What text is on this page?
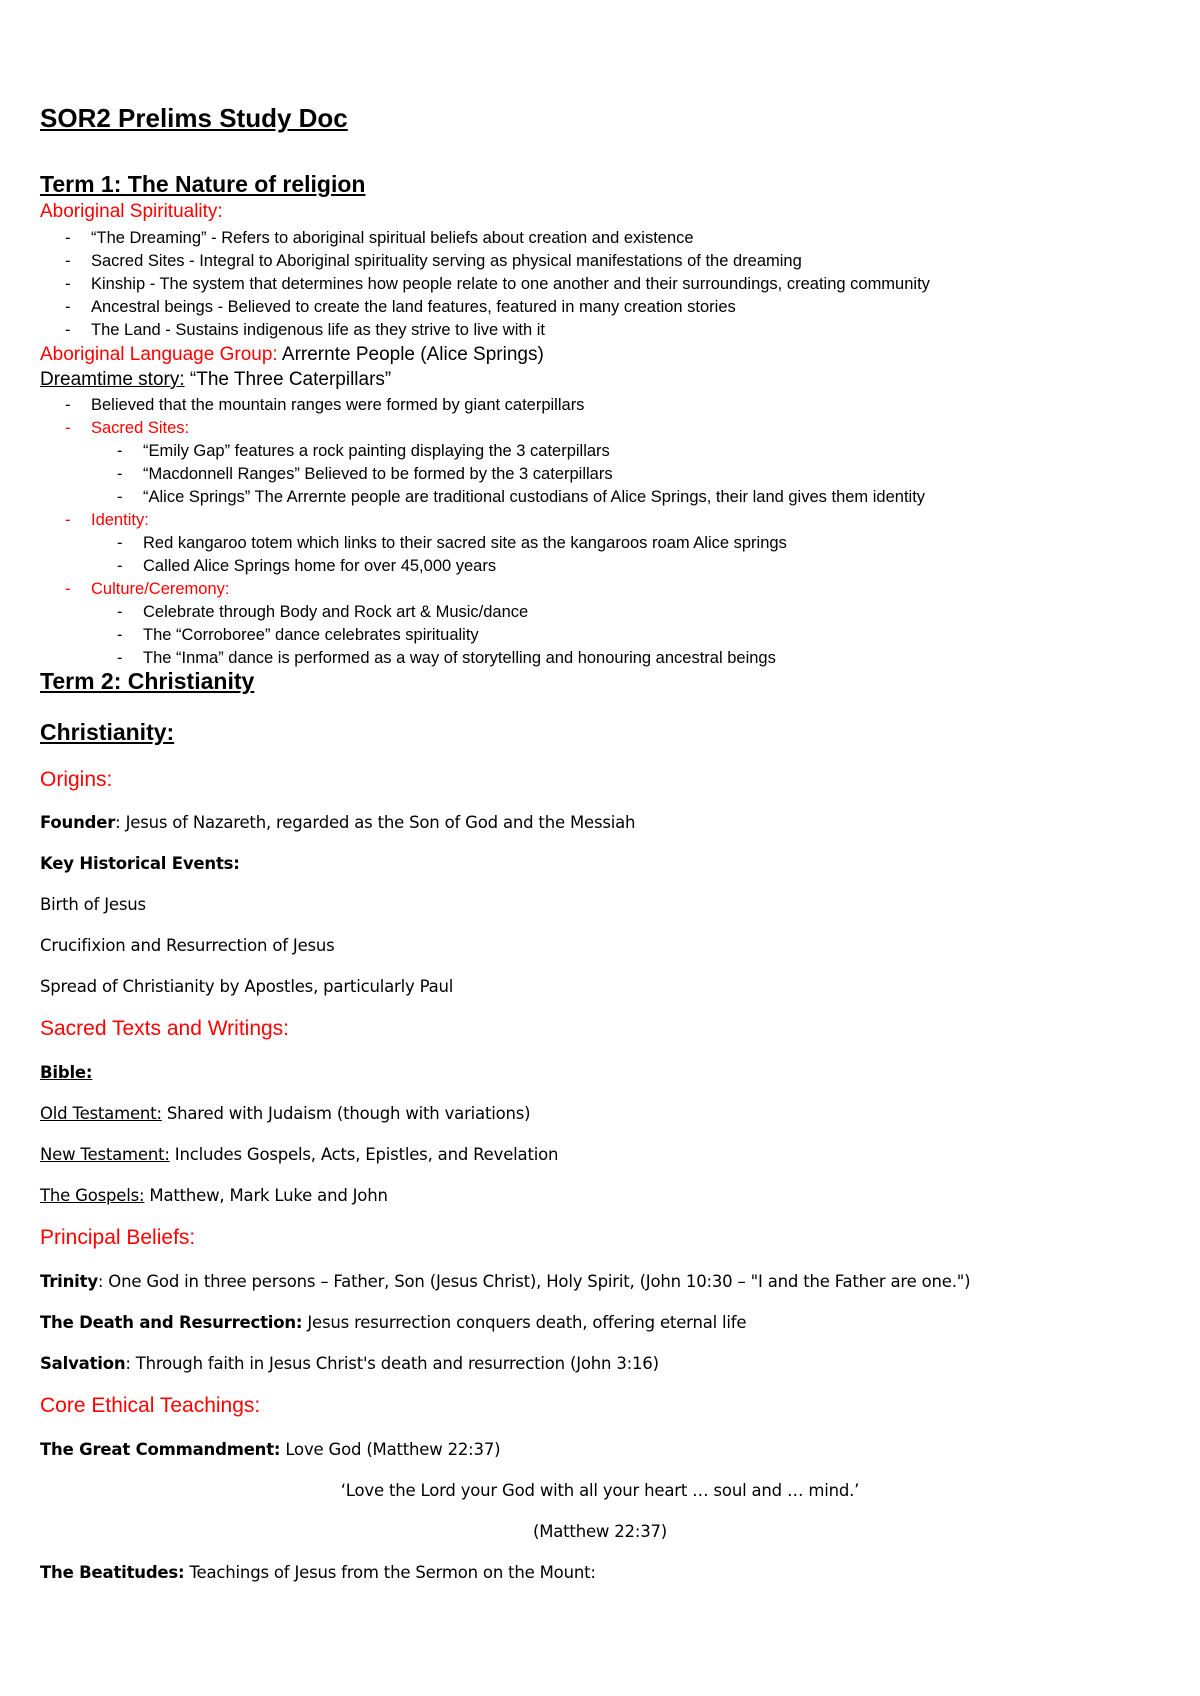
SOR2 Prelims Study Doc
Term 1: The Nature of religion
Aboriginal Spirituality:
- “The Dreaming” - Refers to aboriginal spiritual beliefs about creation and existence
- Sacred Sites - Integral to Aboriginal spirituality serving as physical manifestations of the dreaming
- Kinship - The system that determines how people relate to one another and their surroundings, creating community
- Ancestral beings - Believed to create the land features, featured in many creation stories
- The Land - Sustains indigenous life as they strive to live with it
Aboriginal Language Group: Arrernte People (Alice Springs)
Dreamtime story: “The Three Caterpillars”
- Believed that the mountain ranges were formed by giant caterpillars
- Sacred Sites:
- “Emily Gap” features a rock painting displaying the 3 caterpillars
- “Macdonnell Ranges” Believed to be formed by the 3 caterpillars
- “Alice Springs” The Arrernte people are traditional custodians of Alice Springs, their land gives them identity
- Identity:
- Red kangaroo totem which links to their sacred site as the kangaroos roam Alice springs
- Called Alice Springs home for over 45,000 years
- Culture/Ceremony:
- Celebrate through Body and Rock art & Music/dance
- The “Corroboree” dance celebrates spirituality
- The “Inma” dance is performed as a way of storytelling and honouring ancestral beings
Term 2: Christianity
Christianity:
Origins:
Founder: Jesus of Nazareth, regarded as the Son of God and the Messiah
Key Historical Events:
Birth of Jesus
Crucifixion and Resurrection of Jesus
Spread of Christianity by Apostles, particularly Paul
Sacred Texts and Writings:
Bible:
Old Testament: Shared with Judaism (though with variations)
New Testament: Includes Gospels, Acts, Epistles, and Revelation
The Gospels: Matthew, Mark Luke and John
Principal Beliefs:
Trinity: One God in three persons – Father, Son (Jesus Christ), Holy Spirit, (John 10:30 – "I and the Father are one.")
The Death and Resurrection: Jesus resurrection conquers death, offering eternal life
Salvation: Through faith in Jesus Christ's death and resurrection (John 3:16)
Core Ethical Teachings:
The Great Commandment: Love God (Matthew 22:37)
‘Love the Lord your God with all your heart … soul and … mind.’
(Matthew 22:37)
The Beatitudes: Teachings of Jesus from the Sermon on the Mount:
